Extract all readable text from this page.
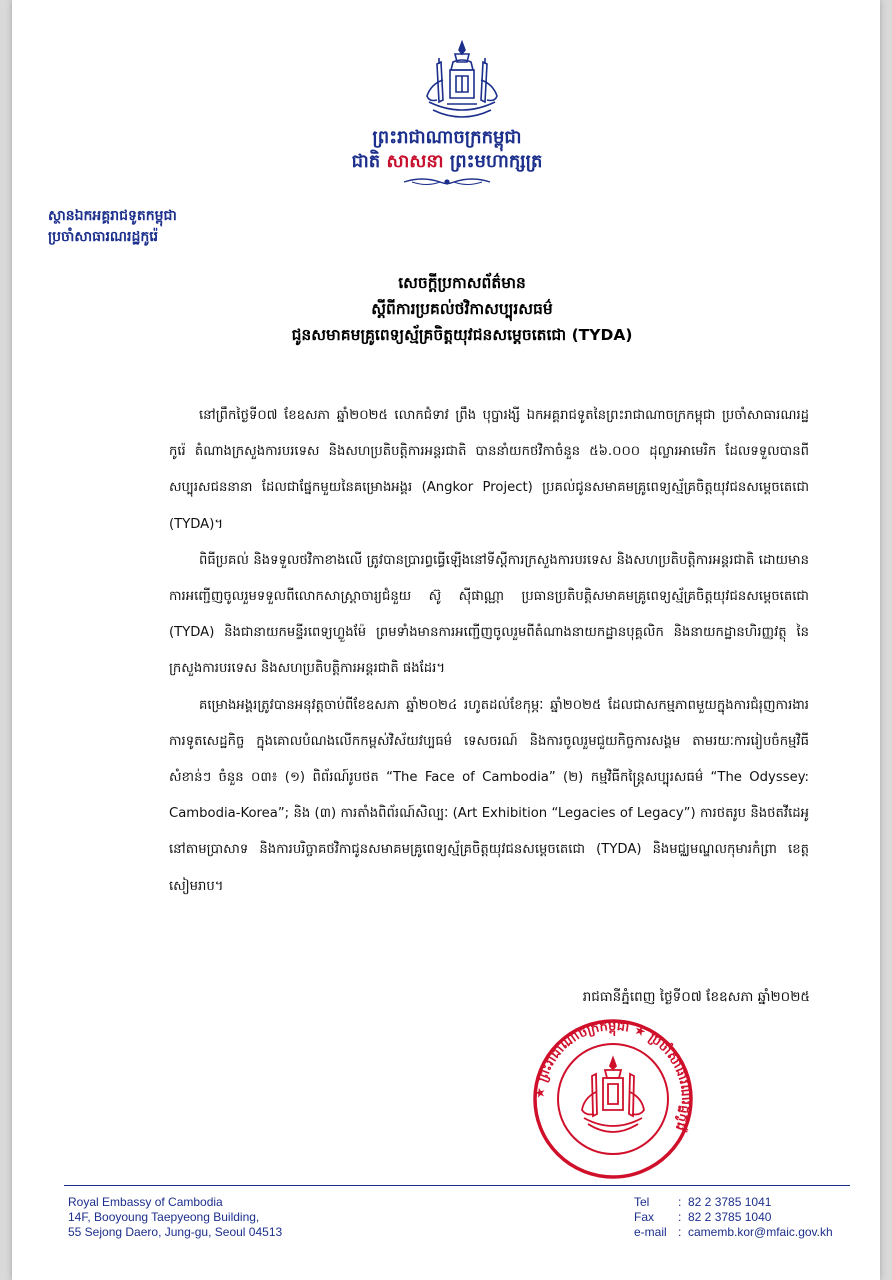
ព្រះរាជាណាចក្រកម្ពុជា
ជាតិ សាសនា ព្រះមហាក្សត្រ
ស្ថានឯកអគ្គរាជទូតកម្ពុជា
ប្រចាំសាធារណរដ្ឋកូរ៉េ
សេចក្តីប្រកាសព័ត៌មាន
ស្តីពីការប្រគល់ថវិកាសប្បុរសធម៌
ជូនសមាគមគ្រូពេទ្យស្ម័គ្រចិត្តយុវជនសម្តេចតេជោ (TYDA)

នៅព្រឹកថ្ងៃទី០៧ ខែឧសភា ឆ្នាំ២០២៥ លោកជំទាវ ព្រឹង បុប្ផារង្សី ឯកអគ្គរាជទូតនៃព្រះរាជាណាចក្រកម្ពុជា ប្រចាំសាធារណរដ្ឋកូរ៉េ តំណាងក្រសួងការបរទេស និងសហប្រតិបត្តិការអន្តរជាតិ បាននាំយកថវិកាចំនួន ៥៦.០០០ ដុល្លារអាមេរិក ដែលទទួលបានពីសប្បុរសជននានា ដែលជាផ្នែកមួយនៃគម្រោងអង្គរ (Angkor Project) ប្រគល់ជូនសមាគមគ្រូពេទ្យស្ម័គ្រចិត្តយុវជនសម្តេចតេជោ (TYDA)។

ពិធីប្រគល់ និងទទួលថវិកាខាងលើ ត្រូវបានប្រារព្ធធ្វើឡើងនៅទីស្តីការក្រសួងការបរទេស និងសហប្រតិបត្តិការអន្តរជាតិ ដោយមានការអញ្ជើញចូលរួមទទួលពីលោកសាស្ត្រាចារ្យជំនួយ ស៊ូ ស៊ីផាណ្ណា ប្រធានប្រតិបត្តិសមាគមគ្រូពេទ្យស្ម័គ្រចិត្តយុវជនសម្តេចតេជោ (TYDA) និងជានាយកមន្ទីរពេទ្យហ្លួងម៉ែ ព្រមទាំងមានការអញ្ជើញចូលរួមពីតំណាងនាយកដ្ឋានបុគ្គលិក និងនាយកដ្ឋានហិរញ្ញវត្ថុ នៃក្រសួងការបរទេស និងសហប្រតិបត្តិការអន្តរជាតិ ផងដែរ។

គម្រោងអង្គរត្រូវបានអនុវត្តចាប់ពីខែឧសភា ឆ្នាំ២០២៤ រហូតដល់ខែកុម្ភៈ ឆ្នាំ២០២៥ ដែលជាសកម្មភាពមួយក្នុងការជំរុញការងារការទូតសេដ្ឋកិច្ច ក្នុងគោលបំណងលើកកម្ពស់វិស័យវប្បធម៌ ទេសចរណ៍ និងការចូលរួមជួយកិច្ចការសង្គម តាមរយៈការរៀបចំកម្មវិធីសំខាន់ៗ ចំនួន ០៣៖ (១) ពិព័រណ៍រូបថត “The Face of Cambodia” (២) កម្មវិធីកន្ត្រៃសប្បុរសធម៌ “The Odyssey: Cambodia-Korea”; និង (៣) ការតាំងពិព័រណ៍សិល្បៈ (Art Exhibition “Legacies of Legacy”) ការថតរូប និងថតវីដេអូនៅតាមប្រាសាទ និងការបរិច្ចាគថវិកាជូនសមាគមគ្រូពេទ្យស្ម័គ្រចិត្តយុវជនសម្តេចតេជោ (TYDA) និងមជ្ឈមណ្ឌលកុមារកំព្រា ខេត្តសៀមរាប។

រាជធានីភ្នំពេញ ថ្ងៃទី០៧ ខែឧសភា ឆ្នាំ២០២៥
★ ព្រះរាជាណាចក្រកម្ពុជា ★ ប្រចាំសាធារណរដ្ឋកូរ៉េ
Royal Embassy of Cambodia
14F, Booyoung Taepyeong Building,
55 Sejong Daero, Jung-gu, Seoul 04513
Tel : 82 2 3785 1041
Fax : 82 2 3785 1040
e-mail : camemb.kor@mfaic.gov.kh
